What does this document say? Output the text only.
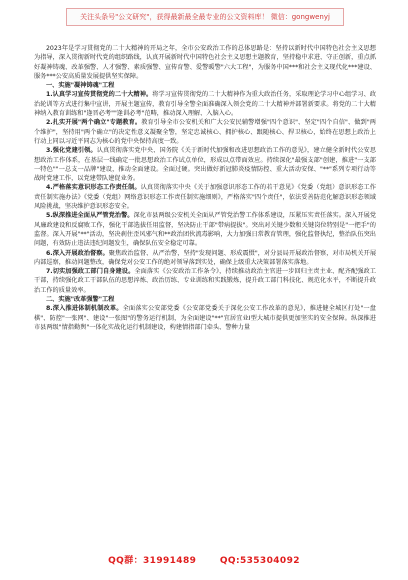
关注头条号"公文研究"，获得最新最全最专业的公文资料库！ 微信：gongwenyj

2023年是学习贯彻党的二十大精神的开局之年，全市公安政治工作的总体思路是：坚持以新时代中国特色社会主义思想为指导，深入贯彻新时代党的组织路线，认真开展新时代中国特色社会主义思想主题教育，坚持稳中求进、守正创新，重点抓好凝神铸魂、改革强警、人才强警、素质强警、宣传育警、爱警暖警"六大工程"，为服务中国***和社会主义现代化***建设、服务***公安高质量发展提供坚实保障。

一、实施"凝神铸魂"工程

1.认真学习宣传贯彻党的二十大精神。将学习宣传贯彻党的二十大精神作为重大政治任务，采取理论学习中心组学习、政治轮训等方式进行集中宣讲，开展主题宣传，教育引导全警全面准确深入领会党的二十大精神并部署新要求。将党的二十大精神纳入教育训练和"逢晋必考""逢训必考"范畴，推动深入理解、入脑入心。

2.扎实开展"两个确立"专题教育。教育引导全市公安机关和广大公安民辅警增强"四个意识"、坚定"四个自信"、做到"两个维护"，坚持用"两个确立"的决定性意义凝聚全警，坚定忠诚核心、拥护核心、跟随核心、捍卫核心，始终在思想上政治上行动上同以习近平同志为核心的党中央保持高度一致。

3.强化党建引领。认真贯彻落实党中央、国务院《关于新时代加强和改进思想政治工作的意见》，建立健全新时代公安思想政治工作体系，在基层一线确定一批思想政治工作试点单位，形成以点带面效应。持续深化"最强支部"创建，推进"一支部一特色""一总支一品牌"建设，推动全面建设。全面过硬。突出做好新冠肺炎疫情防控、重大活动安保、"**"系列专项行动等战时党建工作，以党建带队建促业务。

4.严格落实意识形态工作责任制。认真贯彻落实中央《关于加强意识形态工作的若干意见》《党委（党组）意识形态工作责任制实施办法》《党委（党组）网络意识形态工作责任制实施细则》，严格落实"四个责任"，依法妥善防范化解意识形态领域风险挑战，坚决维护意识形态安全。

5.纵深推进全面从严管党治警。深化市县两级公安机关全面从严管党治警工作体系建设，压紧压实责任落实。深入开展党风廉政建设和反腐败工作，强化干部选拔任用监督，坚决防止干部"带病提拔"。突出对关键少数和关键岗位特别是"一把手"的监督。深入开展"**"活动，坚决刹住歪风邪气和**政治团伙流毒影响，大力加强日常教育管理，强化监督执纪，整治队伍突出问题，有效防止违法违纪问题发生，确保队伍安全稳定可靠。

6.深入开展政治督察。聚焦政治监督、从严治警，坚持"发现问题、形成震慑"，对分县局开展政治督察，对市局机关开展内部巡察，推动问题整改，确保党对公安工作的绝对领导落到实处，确保上级重大决策部署落实落地。

7.切实加强政工部门自身建设。全面落实《公安政治工作条令》，持续推动政治主官进一步回归主责主业、配齐配强政工干部，持续强化政工干部队伍的思想淬炼、政治历练、专业训练和实践锻炼，提升政工部门科技化、规范化水平，不断提升政治工作的质量效率。

二、实施"改革强警"工程

8.深入推进体制机制改革。全面落实公安部党委《公安部党委关于深化公安工作改革的意见》，推进健全城区打处"一盘棋"、防控"一张网"、建设"一张图"的警务运行机制，为全面建设"**"宜居宜业Ⅰ型大城市提供更加坚实的安全保障。纵深推进市县两级"情指勤舆"一体化实战化运行机制建设，构建情指部门牵头、警种力量

QQ群：31991489	QQ:535304092
